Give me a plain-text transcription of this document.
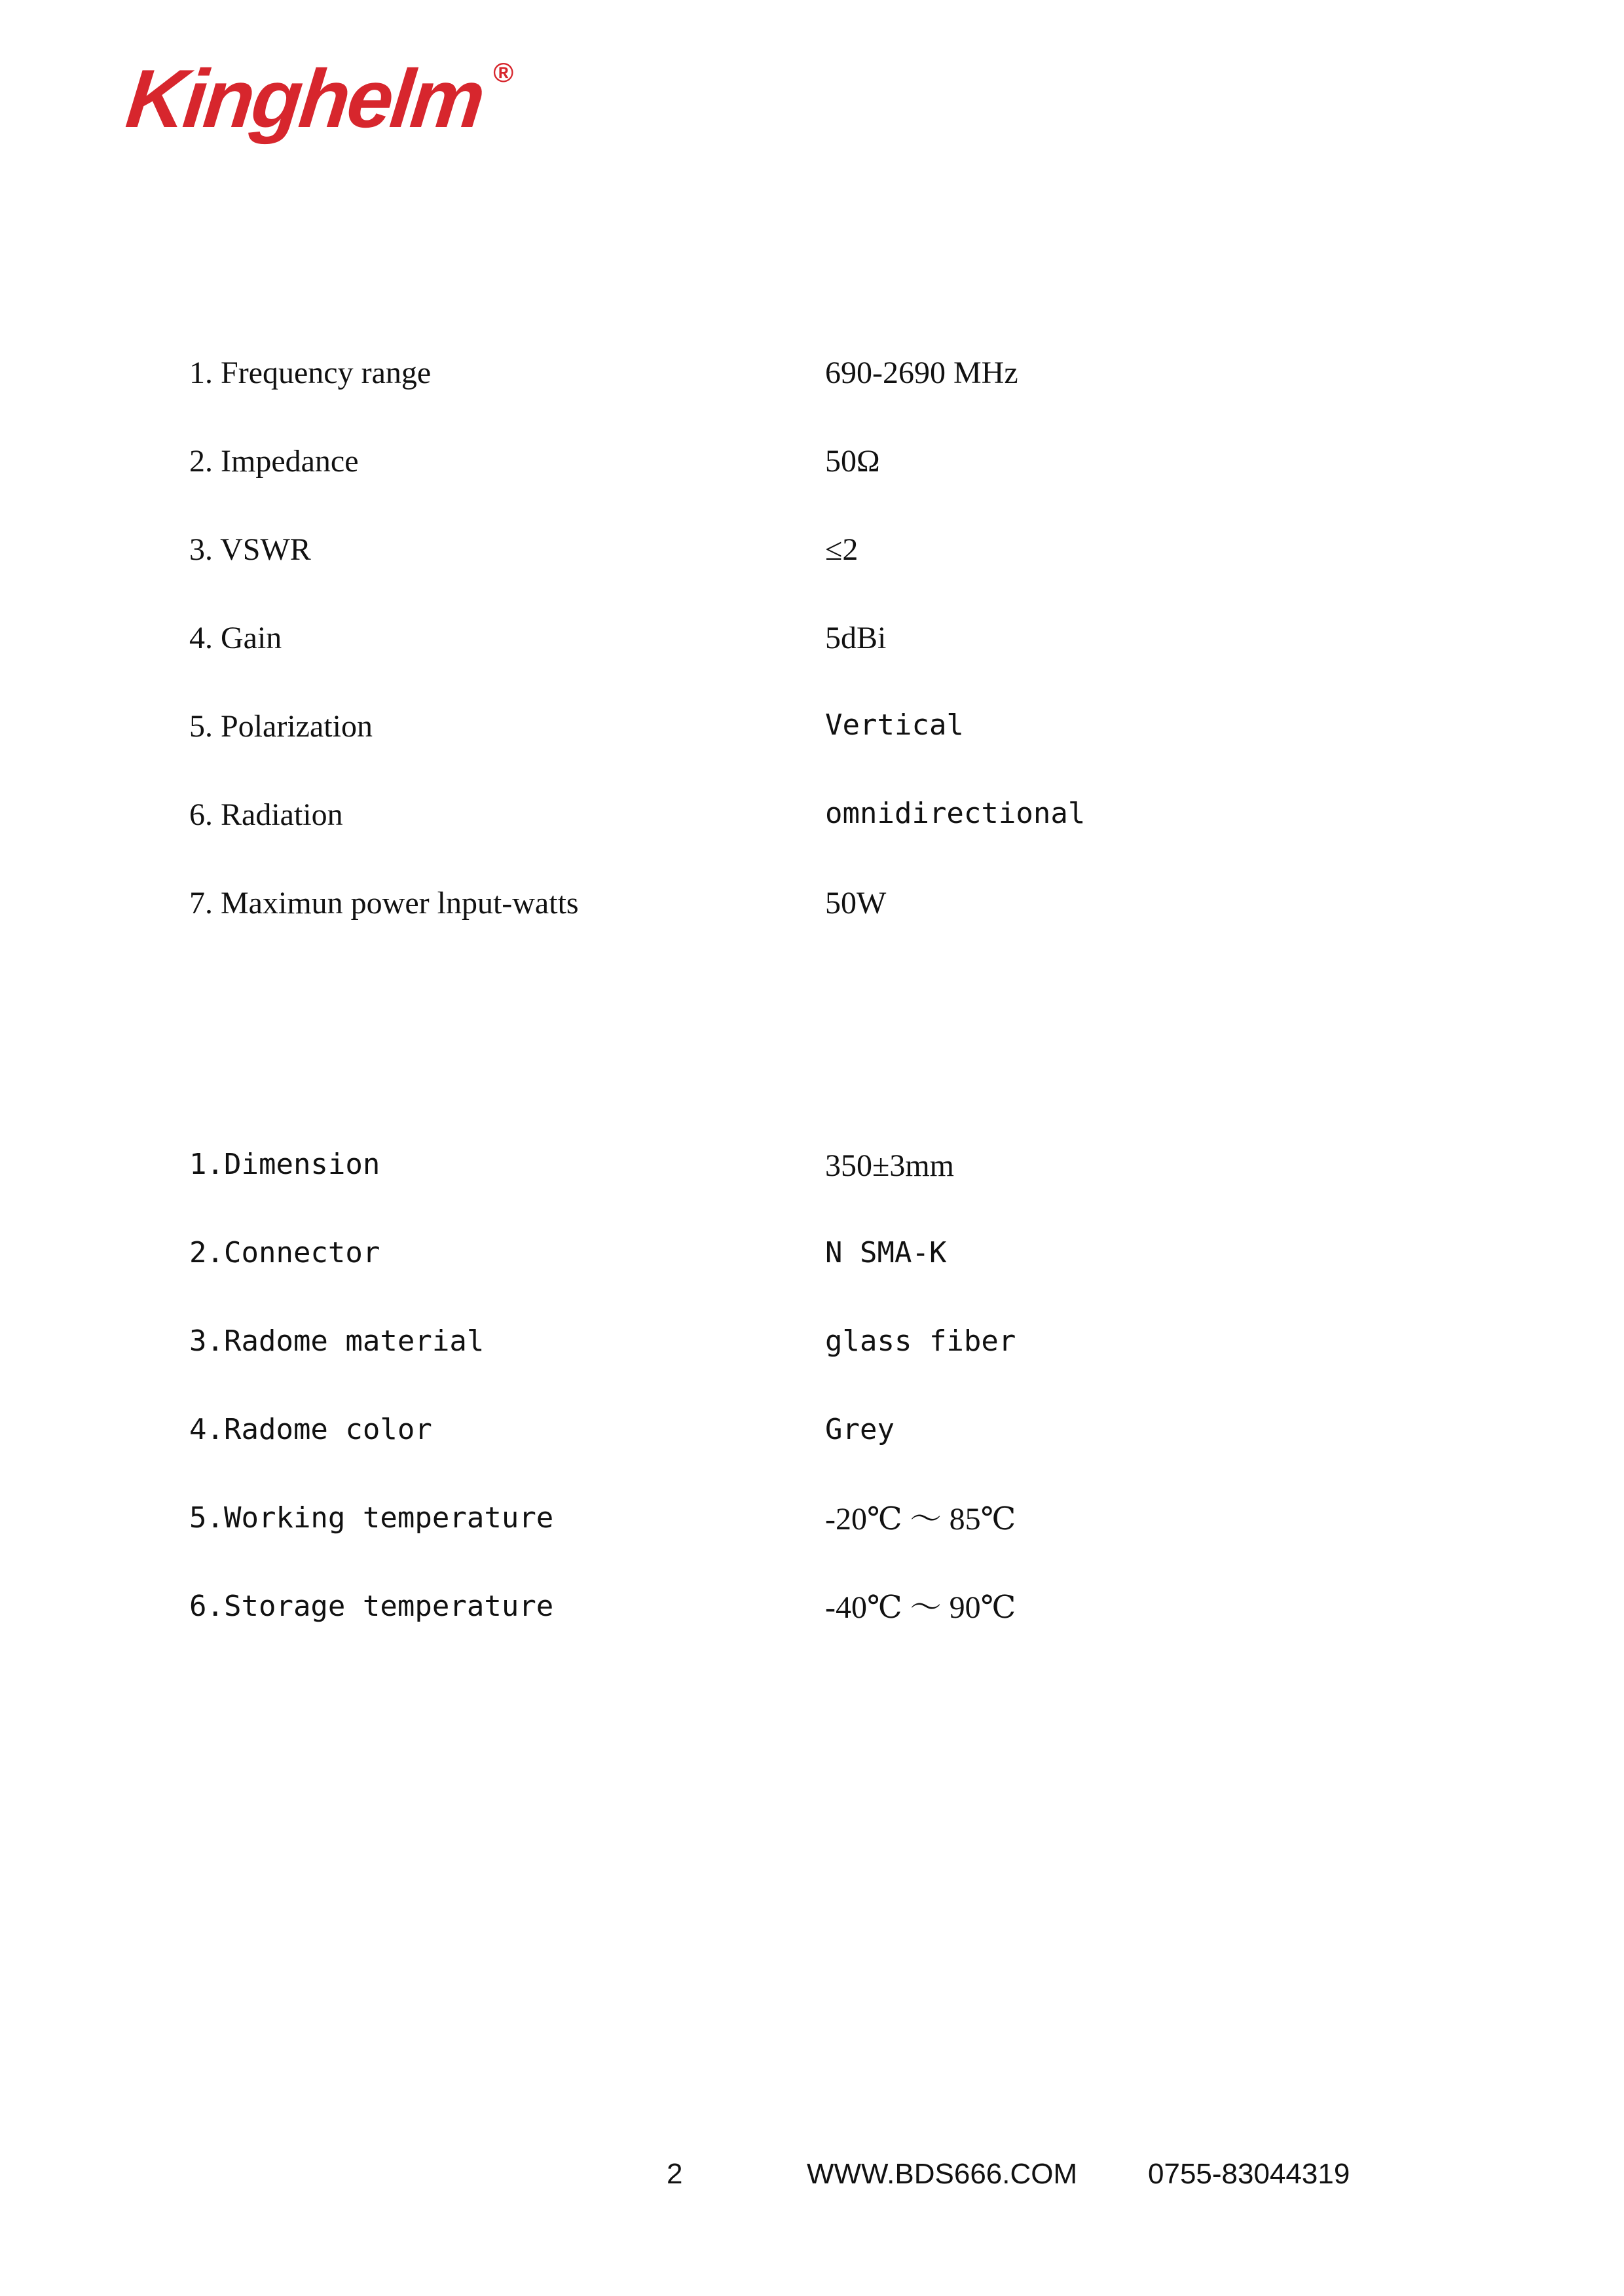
Kinghelm ®
1. Frequency range	690-2690 MHz
2. Impedance	50Ω
3. VSWR	≤2
4. Gain	5dBi
5. Polarization	Vertical
6. Radiation	omnidirectional
7. Maximun power lnput-watts	50W
1.Dimension	350±3mm
2.Connector	N SMA-K
3.Radome material	glass fiber
4.Radome color	Grey
5.Working temperature	-20℃ ～ 85℃
6.Storage temperature	-40℃ ～ 90℃
2	WWW.BDS666.COM 0755-83044319
